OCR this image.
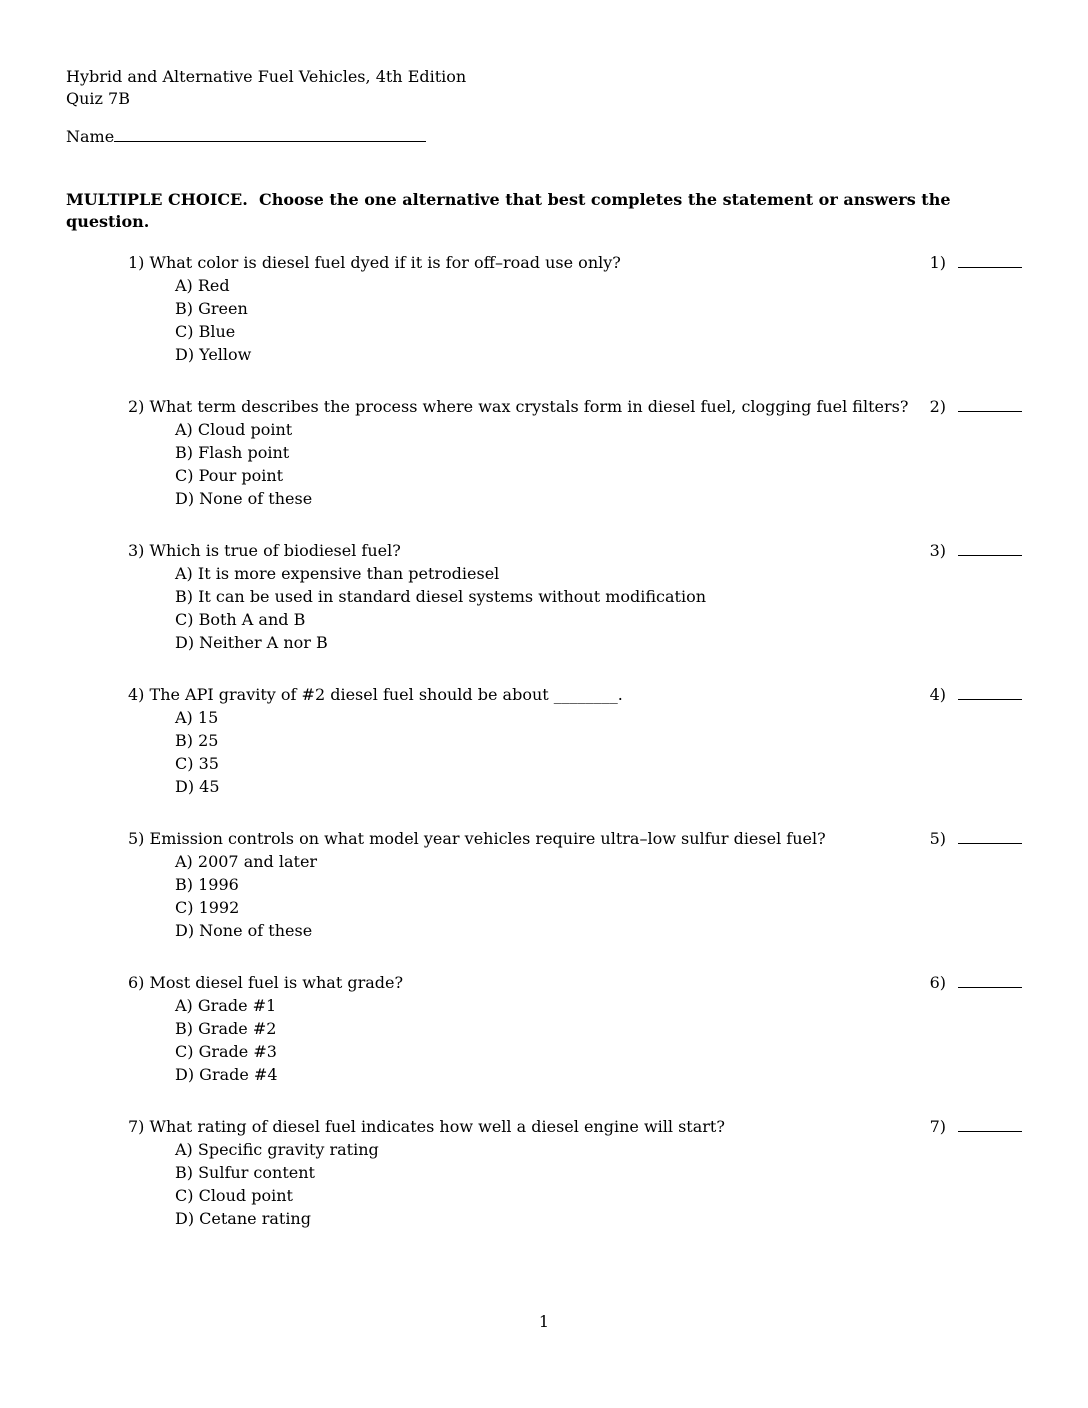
Hybrid and Alternative Fuel Vehicles, 4th Edition
Quiz 7B
Name
MULTIPLE CHOICE.  Choose the one alternative that best completes the statement or answers the question.
1) What color is diesel fuel dyed if it is for off–road use only?	1)
A) Red
B) Green
C) Blue
D) Yellow
2) What term describes the process where wax crystals form in diesel fuel, clogging fuel filters?	2)
A) Cloud point
B) Flash point
C) Pour point
D) None of these
3) Which is true of biodiesel fuel?	3)
A) It is more expensive than petrodiesel
B) It can be used in standard diesel systems without modification
C) Both A and B
D) Neither A nor B
4) The API gravity of #2 diesel fuel should be about ________.	4)
A) 15
B) 25
C) 35
D) 45
5) Emission controls on what model year vehicles require ultra–low sulfur diesel fuel?	5)
A) 2007 and later
B) 1996
C) 1992
D) None of these
6) Most diesel fuel is what grade?	6)
A) Grade #1
B) Grade #2
C) Grade #3
D) Grade #4
7) What rating of diesel fuel indicates how well a diesel engine will start?	7)
A) Specific gravity rating
B) Sulfur content
C) Cloud point
D) Cetane rating
1
